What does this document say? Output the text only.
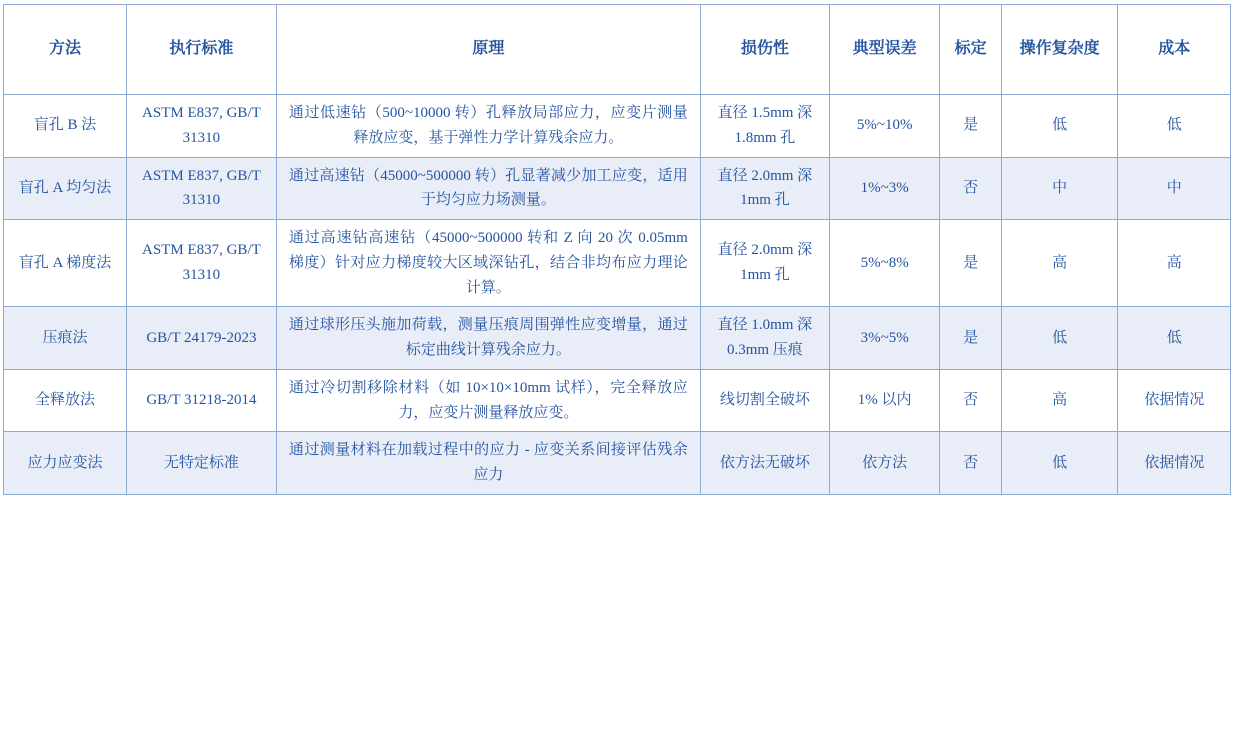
方法	执行标准	原理	损伤性	典型误差	标定	操作复杂度	成本
盲孔 B 法	ASTM E837, GB/T 31310	通过低速钻（500~10000 转）孔释放局部应力，应变片测量释放应变，基于弹性力学计算残余应力。	直径 1.5mm 深 1.8mm 孔	5%~10%	是	低	低
盲孔 A 均匀法	ASTM E837, GB/T 31310	通过高速钻（45000~500000 转）孔显著减少加工应变，适用于均匀应力场测量。	直径 2.0mm 深 1mm 孔	1%~3%	否	中	中
盲孔 A 梯度法	ASTM E837, GB/T 31310	通过高速钻高速钻（45000~500000 转和 Z 向 20 次 0.05mm 梯度）针对应力梯度较大区域深钻孔，结合非均布应力理论计算。	直径 2.0mm 深 1mm 孔	5%~8%	是	高	高
压痕法	GB/T 24179-2023	通过球形压头施加荷载，测量压痕周围弹性应变增量，通过标定曲线计算残余应力。	直径 1.0mm 深 0.3mm 压痕	3%~5%	是	低	低
全释放法	GB/T 31218-2014	通过冷切割移除材料（如 10×10×10mm 试样），完全释放应力，应变片测量释放应变。	线切割全破坏	1% 以内	否	高	依据情况
应力应变法	无特定标准	通过测量材料在加载过程中的应力 - 应变关系间接评估残余应力	依方法无破坏	依方法	否	低	依据情况
